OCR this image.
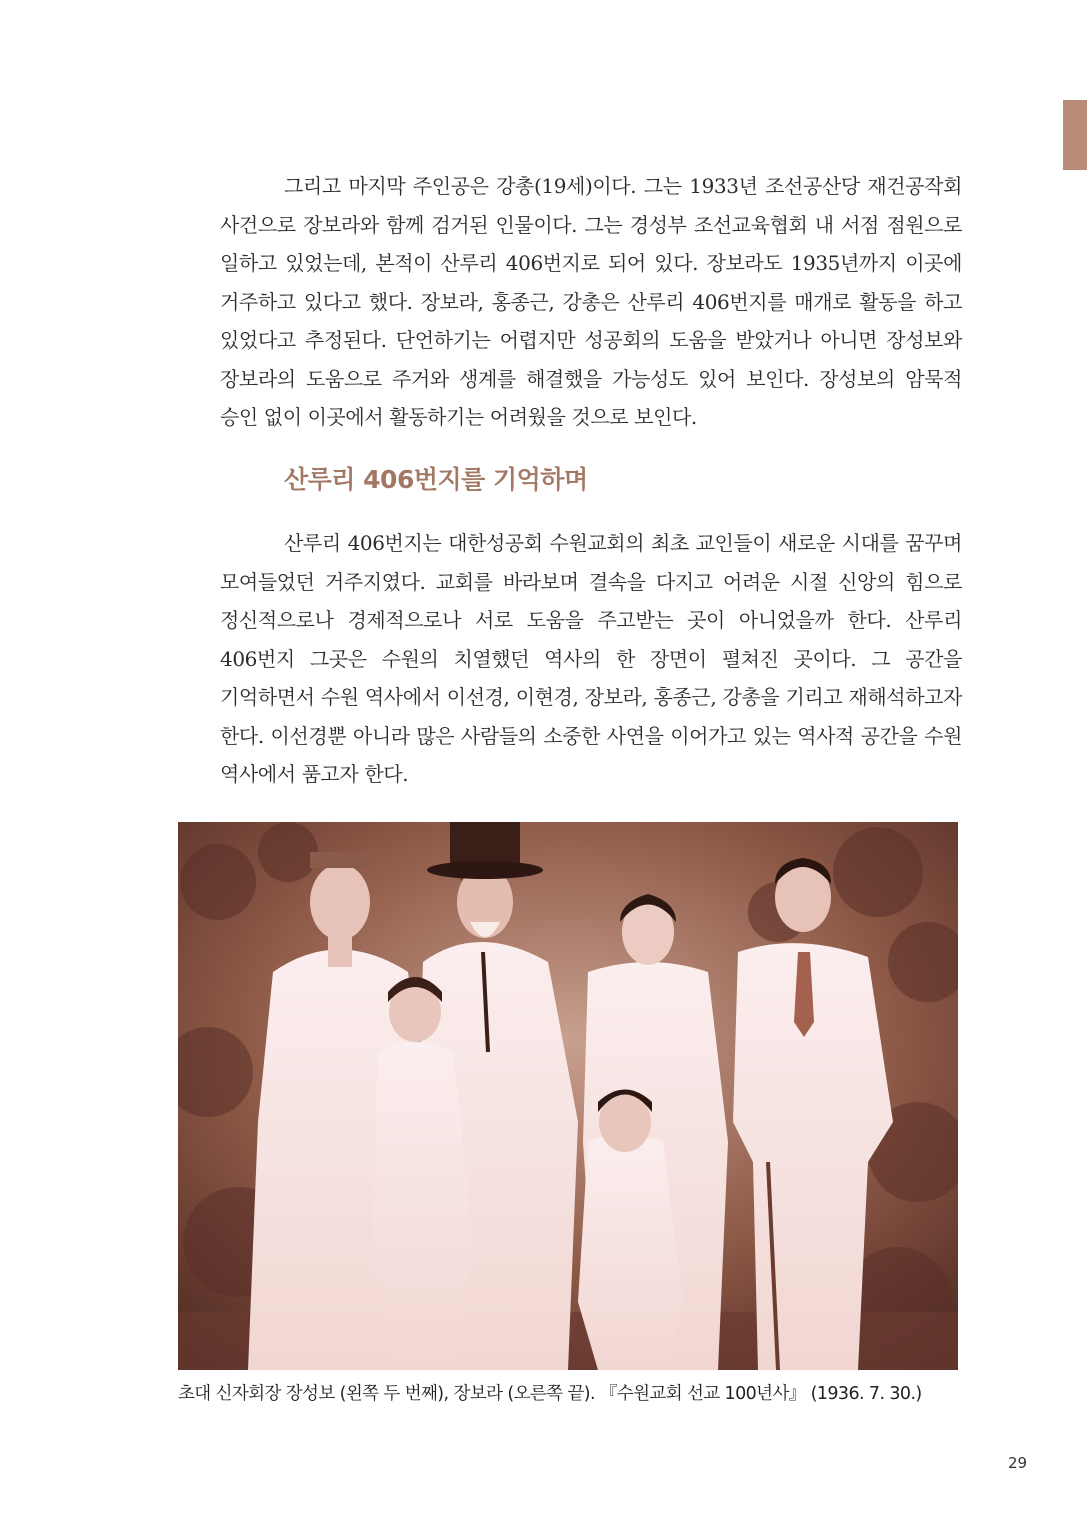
그리고 마지막 주인공은 강총(19세)이다. 그는 1933년 조선공산당 재건공작회 사건으로 장보라와 함께 검거된 인물이다. 그는 경성부 조선교육협회 내 서점 점원으로 일하고 있었는데, 본적이 산루리 406번지로 되어 있다. 장보라도 1935년까지 이곳에 거주하고 있다고 했다. 장보라, 홍종근, 강총은 산루리 406번지를 매개로 활동을 하고 있었다고 추정된다. 단언하기는 어렵지만 성공회의 도움을 받았거나 아니면 장성보와 장보라의 도움으로 주거와 생계를 해결했을 가능성도 있어 보인다. 장성보의 암묵적 승인 없이 이곳에서 활동하기는 어려웠을 것으로 보인다.

산루리 406번지를 기억하며

산루리 406번지는 대한성공회 수원교회의 최초 교인들이 새로운 시대를 꿈꾸며 모여들었던 거주지였다. 교회를 바라보며 결속을 다지고 어려운 시절 신앙의 힘으로 정신적으로나 경제적으로나 서로 도움을 주고받는 곳이 아니었을까 한다. 산루리 406번지 그곳은 수원의 치열했던 역사의 한 장면이 펼쳐진 곳이다. 그 공간을 기억하면서 수원 역사에서 이선경, 이현경, 장보라, 홍종근, 강총을 기리고 재해석하고자 한다. 이선경뿐 아니라 많은 사람들의 소중한 사연을 이어가고 있는 역사적 공간을 수원 역사에서 품고자 한다.

초대 신자회장 장성보 (왼쪽 두 번째), 장보라 (오른쪽 끝). 『수원교회 선교 100년사』 (1936. 7. 30.)

29
